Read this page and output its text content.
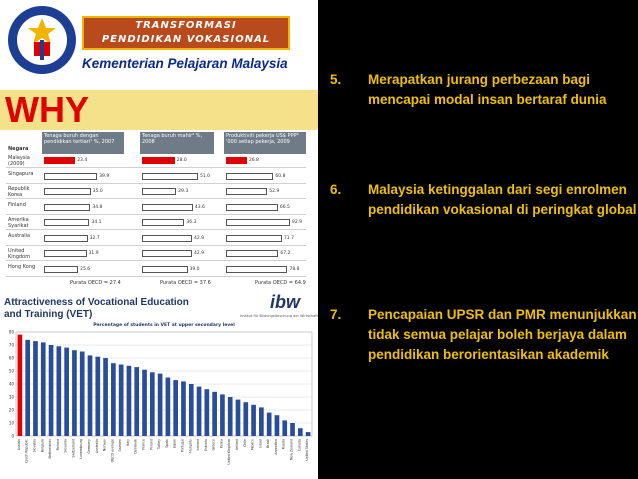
TRANSFORMASI
PENDIDIKAN VOKASIONAL
Kementerian Pelajaran Malaysia
WHY
Tenaga buruh dengan pendidikan tertiari¹ %, 2007
Tenaga buruh mahir² %, 2008
Produktiviti pekerja US$ PPP³ '000 setiap pekerja, 2009
Negara
Malaysia (2009)	23.4	28.0	26.8
Singapura	39.9	51.0	60.8
Republik Korea	35.0	29.3	52.9
Finland	34.8	43.6	66.5
Amerika Syarikat	34.1	36.3	92.9
Australia	32.7	42.9	71.7
United Kingdom	31.9	42.9	67.2
Hong Kong	25.6	39.0	78.8
Purata OECD = 27.4	Purata OECD = 37.6	Purata OECD = 64.9
Attractiveness of Vocational Education
and Training (VET)
ibw
Institut für Bildungsforschung der Wirtschaft
Percentage of students in VET at upper secondary level
0
10
20
30
40
50
60
70
80
Austria Czech Republic Slovakia Belgium Netherlands Finland Slovenia Switzerland Luxembourg Germany Australia Norway OECD average Sweden Italy Denmark France Poland Turkey Spain Japan Portugal Hungary Iceland Estonia Greece Korea United Kingdom Ireland Chile Mexico Israel Brazil Argentina Russia New Zealand Canada United States
5. Merapatkan jurang perbezaan bagi mencapai modal insan bertaraf dunia
6. Malaysia ketinggalan dari segi enrolmen pendidikan vokasional di peringkat global
7. Pencapaian UPSR dan PMR menunjukkan tidak semua pelajar boleh berjaya dalam pendidikan berorientasikan akademik
